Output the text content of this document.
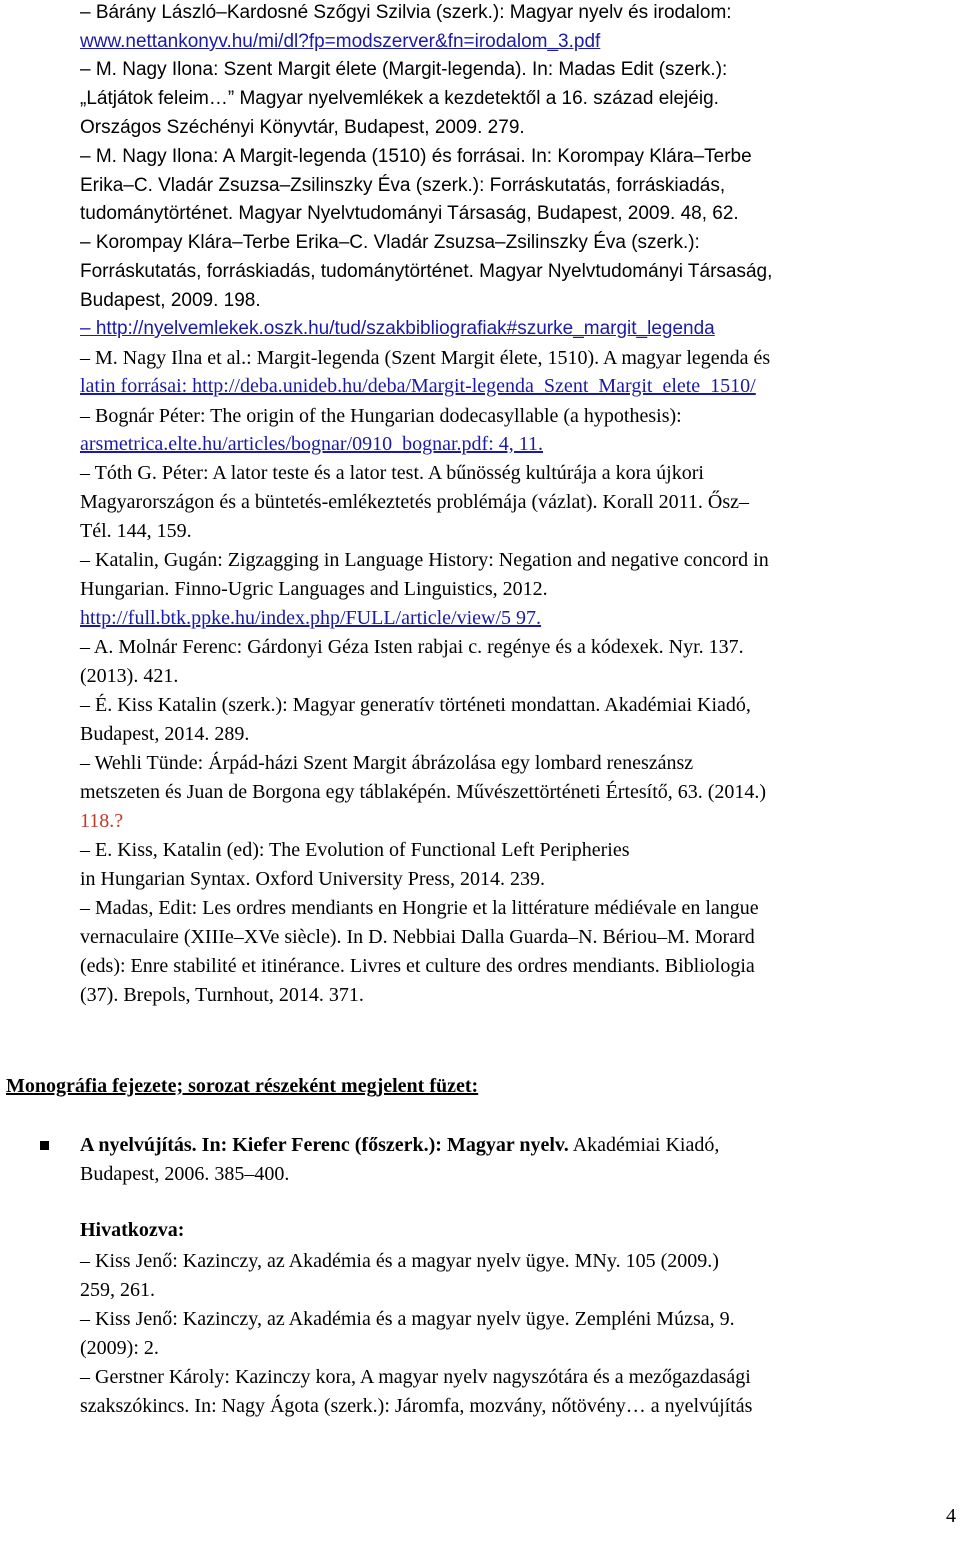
– Bárány László–Kardosné Szőgyi Szilvia (szerk.): Magyar nyelv és irodalom:
www.nettankonyv.hu/mi/dl?fp=modszerver&fn=irodalom_3.pdf
– M. Nagy Ilona: Szent Margit élete (Margit-legenda). In: Madas Edit (szerk.):
„Látjátok feleim…” Magyar nyelvemlékek a kezdetektől a 16. század elejéig.
Országos Széchényi Könyvtár, Budapest, 2009. 279.
– M. Nagy Ilona: A Margit-legenda (1510) és forrásai. In: Korompay Klára–Terbe
Erika–C. Vladár Zsuzsa–Zsilinszky Éva (szerk.): Forráskutatás, forráskiadás,
tudománytörténet. Magyar Nyelvtudományi Társaság, Budapest, 2009. 48, 62.
– Korompay Klára–Terbe Erika–C. Vladár Zsuzsa–Zsilinszky Éva (szerk.):
Forráskutatás, forráskiadás, tudománytörténet. Magyar Nyelvtudományi Társaság,
Budapest, 2009. 198.
– http://nyelvemlekek.oszk.hu/tud/szakbibliografiak#szurke_margit_legenda
– M. Nagy Ilna et al.: Margit-legenda (Szent Margit élete, 1510). A magyar legenda és
latin forrásai: http://deba.unideb.hu/deba/Margit-legenda_Szent_Margit_elete_1510/
– Bognár Péter: The origin of the Hungarian dodecasyllable (a hypothesis):
arsmetrica.elte.hu/articles/bognar/0910_bognar.pdf: 4, 11.
– Tóth G. Péter: A lator teste és a lator test. A bűnösség kultúrája a kora újkori
Magyarországon és a büntetés-emlékeztetés problémája (vázlat). Korall 2011. Ősz–
Tél. 144, 159.
– Katalin, Gugán: Zigzagging in Language History: Negation and negative concord in
Hungarian. Finno-Ugric Languages and Linguistics, 2012.
http://full.btk.ppke.hu/index.php/FULL/article/view/5 97.
– A. Molnár Ferenc: Gárdonyi Géza Isten rabjai c. regénye és a kódexek. Nyr. 137.
(2013). 421.
– É. Kiss Katalin (szerk.): Magyar generatív történeti mondattan. Akadémiai Kiadó,
Budapest, 2014. 289.
– Wehli Tünde: Árpád-házi Szent Margit ábrázolása egy lombard reneszánsz
metszeten és Juan de Borgona egy táblaképén. Művészettörténeti Értesítő, 63. (2014.)
118.?
– E. Kiss, Katalin (ed): The Evolution of Functional Left Peripheries
in Hungarian Syntax. Oxford University Press, 2014. 239.
– Madas, Edit: Les ordres mendiants en Hongrie et la littérature médiévale en langue
vernaculaire (XIIIe–XVe siècle). In D. Nebbiai Dalla Guarda–N. Bériou–M. Morard
(eds): Enre stabilité et itinérance. Livres et culture des ordres mendiants. Bibliologia
(37). Brepols, Turnhout, 2014. 371.
Monográfia fejezete; sorozat részeként megjelent füzet:
A nyelvújítás. In: Kiefer Ferenc (főszerk.): Magyar nyelv. Akadémiai Kiadó,
Budapest, 2006. 385–400.
Hivatkozva:
– Kiss Jenő: Kazinczy, az Akadémia és a magyar nyelv ügye. MNy. 105 (2009.)
259, 261.
– Kiss Jenő: Kazinczy, az Akadémia és a magyar nyelv ügye. Zempléni Múzsa, 9.
(2009): 2.
– Gerstner Károly: Kazinczy kora, A magyar nyelv nagyszótára és a mezőgazdasági
szakszókincs. In: Nagy Ágota (szerk.): Járomfa, mozvány, nőtövény… a nyelvújítás
4
